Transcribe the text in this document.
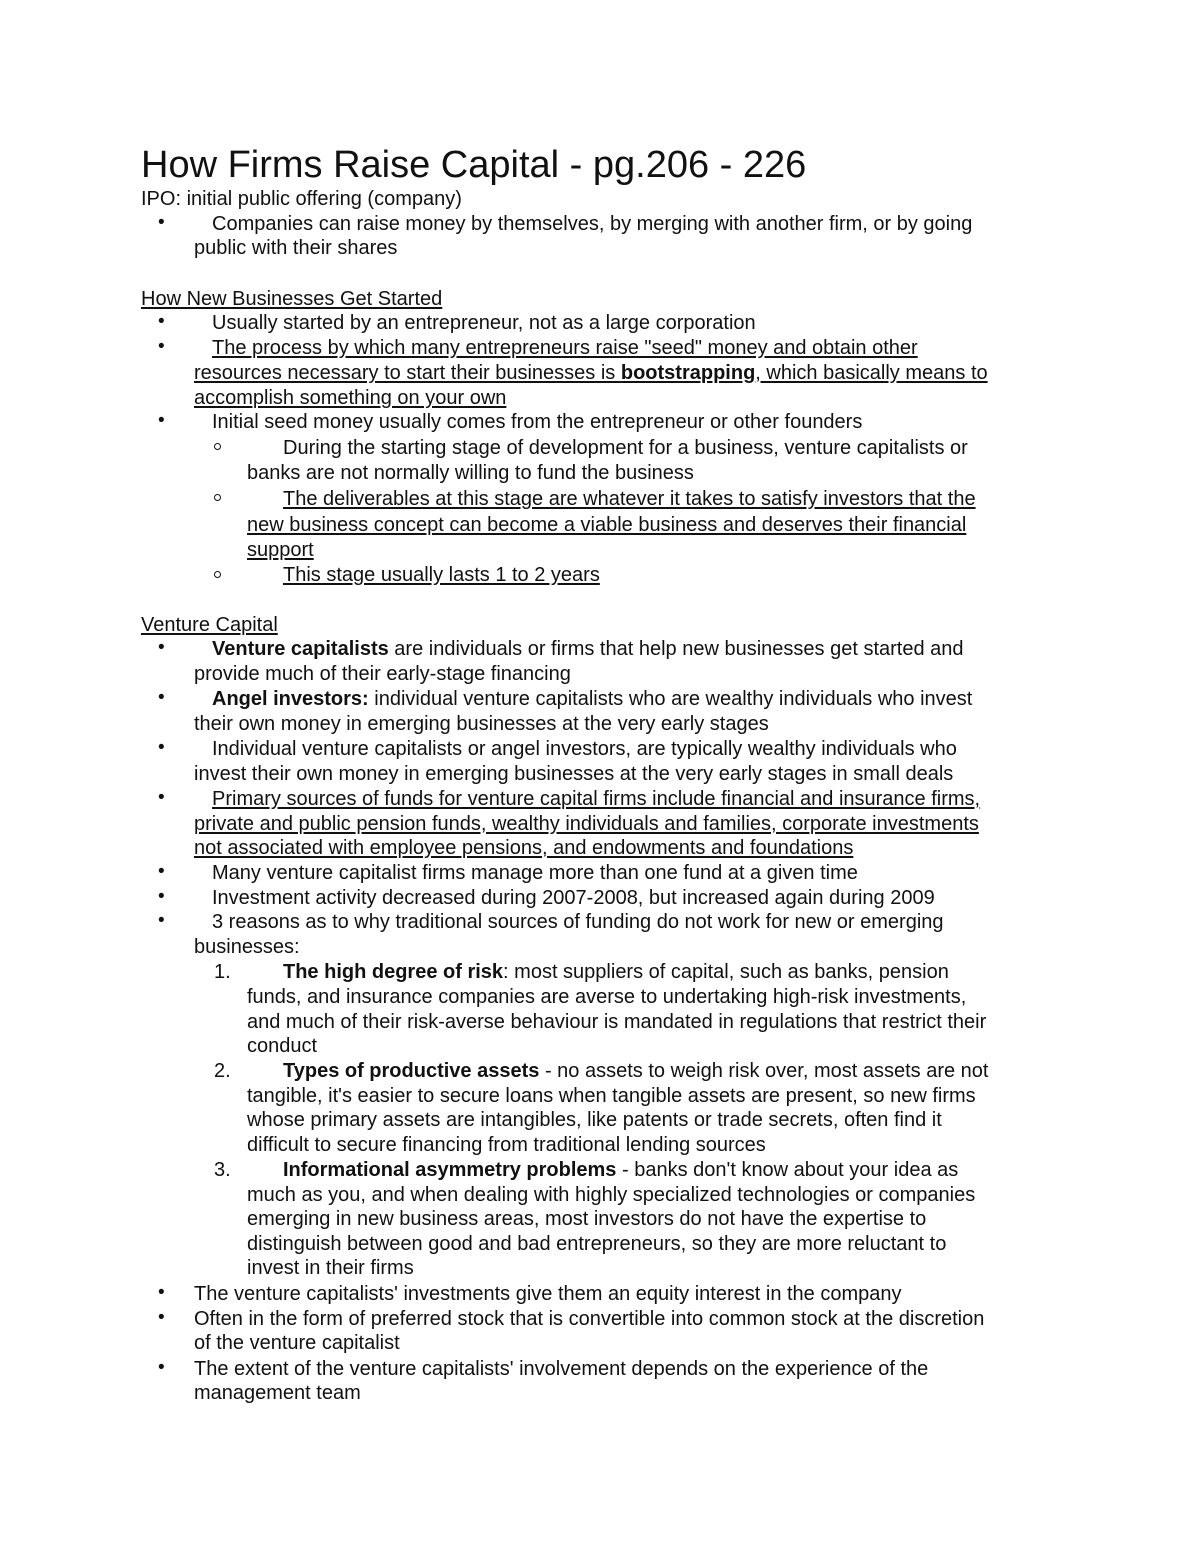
How Firms Raise Capital - pg.206 - 226
IPO: initial public offering (company)
• Companies can raise money by themselves, by merging with another firm, or by going
public with their shares
How New Businesses Get Started
• Usually started by an entrepreneur, not as a large corporation
• The process by which many entrepreneurs raise "seed" money and obtain other
resources necessary to start their businesses is bootstrapping, which basically means to
accomplish something on your own
• Initial seed money usually comes from the entrepreneur or other founders
During the starting stage of development for a business, venture capitalists or
banks are not normally willing to fund the business
The deliverables at this stage are whatever it takes to satisfy investors that the
new business concept can become a viable business and deserves their financial
support
This stage usually lasts 1 to 2 years
Venture Capital
• Venture capitalists are individuals or firms that help new businesses get started and
provide much of their early-stage financing
• Angel investors: individual venture capitalists who are wealthy individuals who invest
their own money in emerging businesses at the very early stages
• Individual venture capitalists or angel investors, are typically wealthy individuals who
invest their own money in emerging businesses at the very early stages in small deals
• Primary sources of funds for venture capital firms include financial and insurance firms,
private and public pension funds, wealthy individuals and families, corporate investments
not associated with employee pensions, and endowments and foundations
• Many venture capitalist firms manage more than one fund at a given time
• Investment activity decreased during 2007-2008, but increased again during 2009
• 3 reasons as to why traditional sources of funding do not work for new or emerging
businesses:
1.	The high degree of risk: most suppliers of capital, such as banks, pension
funds, and insurance companies are averse to undertaking high-risk investments,
and much of their risk-averse behaviour is mandated in regulations that restrict their
conduct
2.	Types of productive assets - no assets to weigh risk over, most assets are not
tangible, it's easier to secure loans when tangible assets are present, so new firms
whose primary assets are intangibles, like patents or trade secrets, often find it
difficult to secure financing from traditional lending sources
3.	Informational asymmetry problems - banks don't know about your idea as
much as you, and when dealing with highly specialized technologies or companies
emerging in new business areas, most investors do not have the expertise to
distinguish between good and bad entrepreneurs, so they are more reluctant to
invest in their firms
• The venture capitalists' investments give them an equity interest in the company
• Often in the form of preferred stock that is convertible into common stock at the discretion
of the venture capitalist
• The extent of the venture capitalists' involvement depends on the experience of the
management team
